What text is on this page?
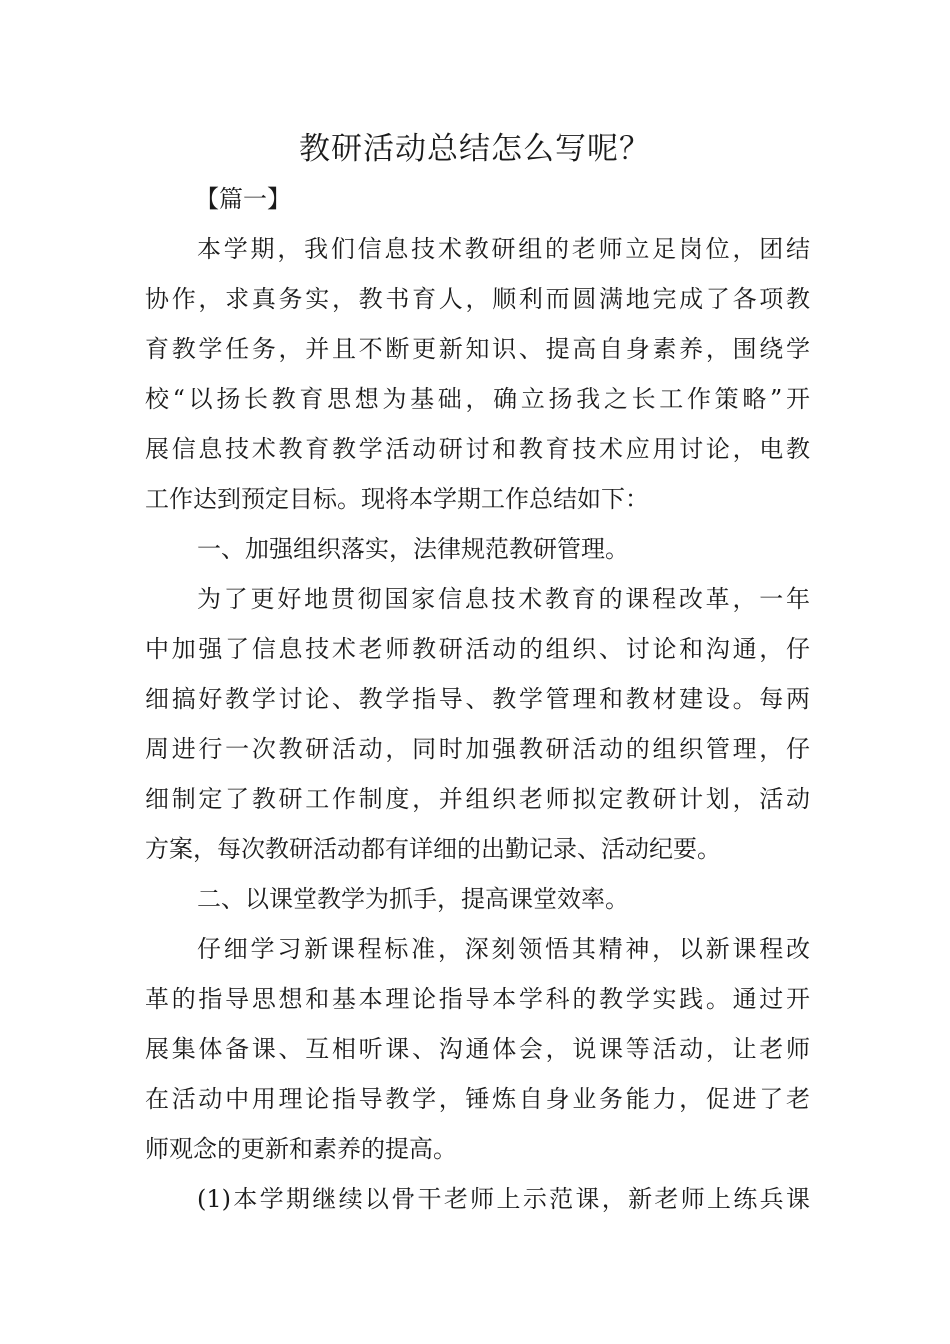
教研活动总结怎么写呢？
【篇一】
本学期，我们信息技术教研组的老师立足岗位，团结
协作，求真务实，教书育人，顺利而圆满地完成了各项教
育教学任务，并且不断更新知识、提高自身素养，围绕学
校“以扬长教育思想为基础，确立扬我之长工作策略”开
展信息技术教育教学活动研讨和教育技术应用讨论，电教
工作达到预定目标。现将本学期工作总结如下：
一、加强组织落实，法律规范教研管理。
为了更好地贯彻国家信息技术教育的课程改革，一年
中加强了信息技术老师教研活动的组织、讨论和沟通，仔
细搞好教学讨论、教学指导、教学管理和教材建设。每两
周进行一次教研活动，同时加强教研活动的组织管理，仔
细制定了教研工作制度，并组织老师拟定教研计划，活动
方案，每次教研活动都有详细的出勤记录、活动纪要。
二、以课堂教学为抓手，提高课堂效率。
仔细学习新课程标准，深刻领悟其精神，以新课程改
革的指导思想和基本理论指导本学科的教学实践。通过开
展集体备课、互相听课、沟通体会，说课等活动，让老师
在活动中用理论指导教学，锤炼自身业务能力，促进了老
师观念的更新和素养的提高。
(1)本学期继续以骨干老师上示范课，新老师上练兵课
